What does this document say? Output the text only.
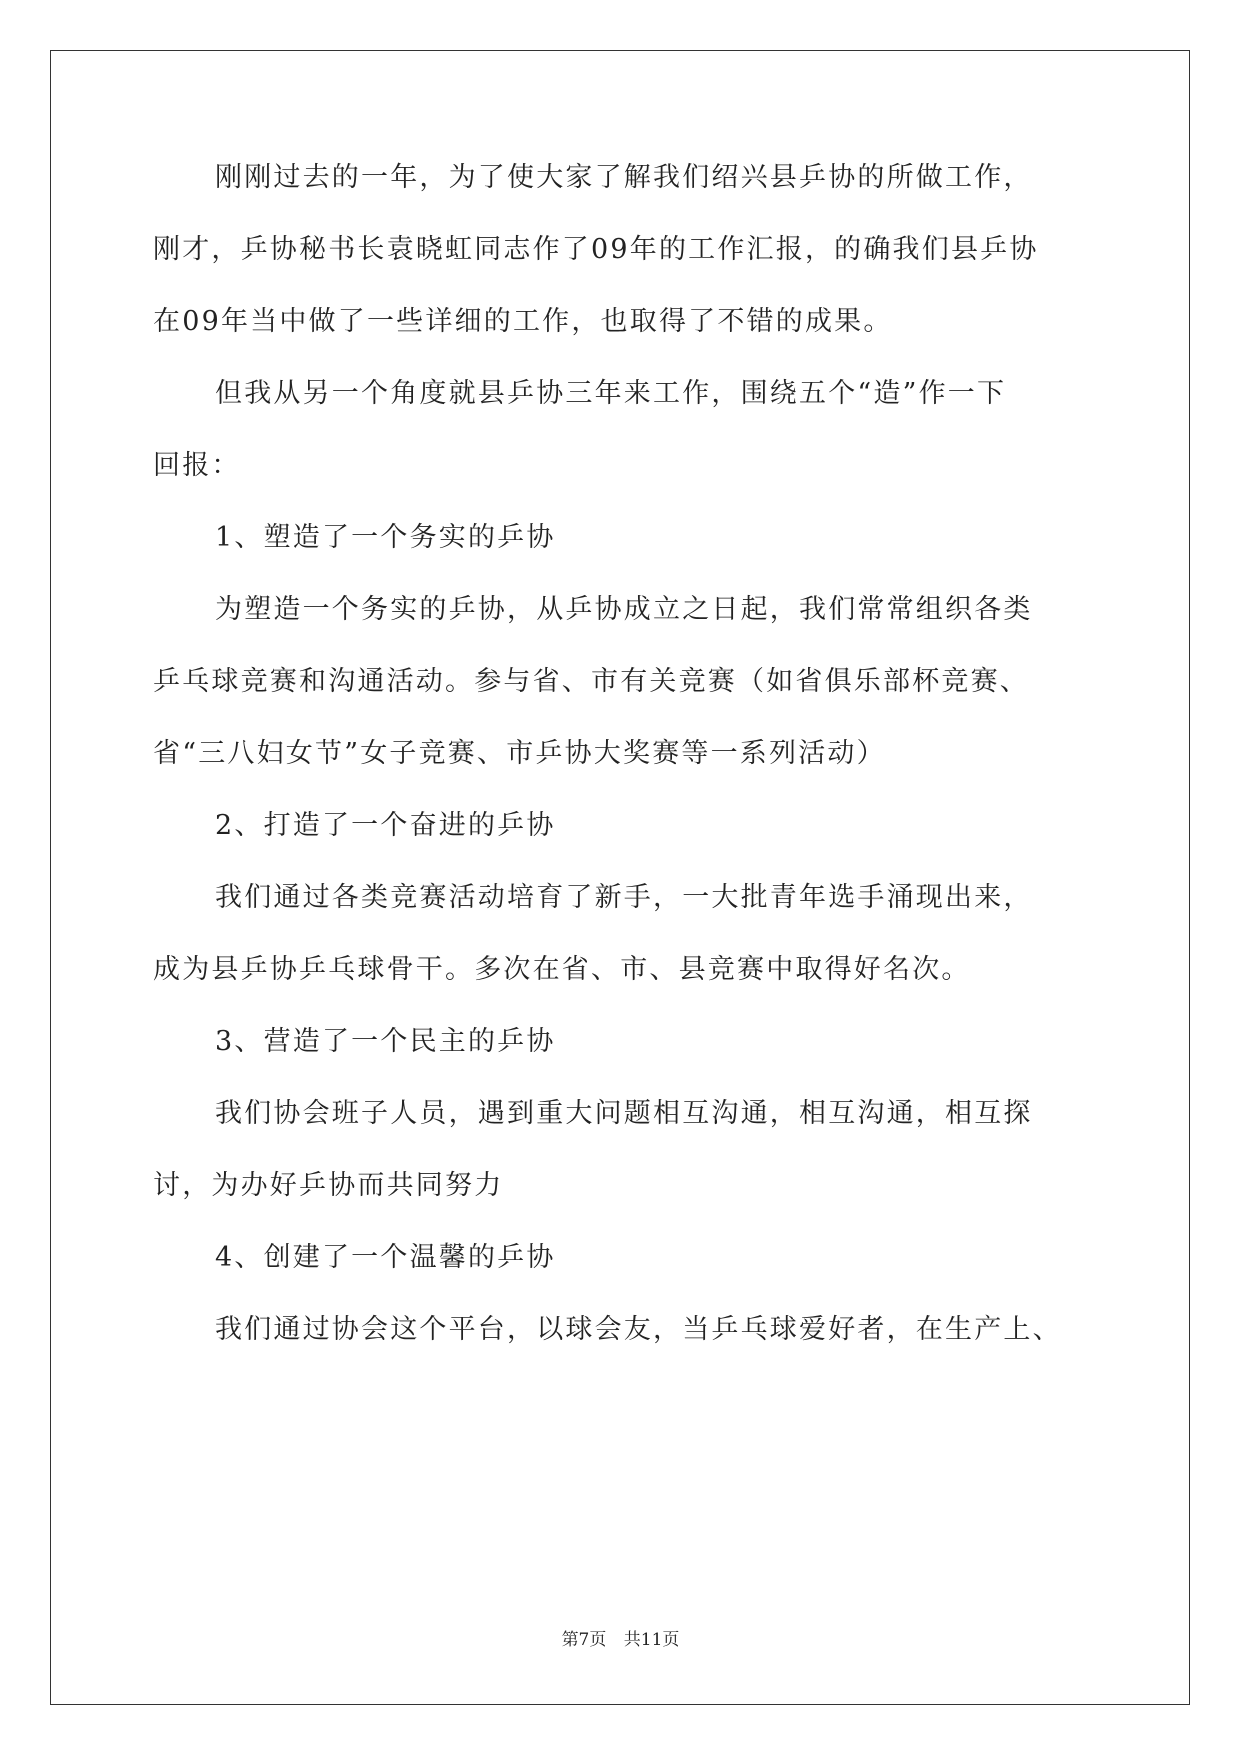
刚刚过去的一年，为了使大家了解我们绍兴县乒协的所做工作，
刚才，乒协秘书长袁晓虹同志作了09年的工作汇报，的确我们县乒协
在09年当中做了一些详细的工作，也取得了不错的成果。
但我从另一个角度就县乒协三年来工作，围绕五个“造”作一下
回报：
1、塑造了一个务实的乒协
为塑造一个务实的乒协，从乒协成立之日起，我们常常组织各类
乒乓球竞赛和沟通活动。参与省、市有关竞赛（如省俱乐部杯竞赛、
省“三八妇女节”女子竞赛、市乒协大奖赛等一系列活动）
2、打造了一个奋进的乒协
我们通过各类竞赛活动培育了新手，一大批青年选手涌现出来，
成为县乒协乒乓球骨干。多次在省、市、县竞赛中取得好名次。
3、营造了一个民主的乒协
我们协会班子人员，遇到重大问题相互沟通，相互沟通，相互探
讨，为办好乒协而共同努力
4、创建了一个温馨的乒协
我们通过协会这个平台，以球会友，当乒乓球爱好者，在生产上、
第7页 共11页
